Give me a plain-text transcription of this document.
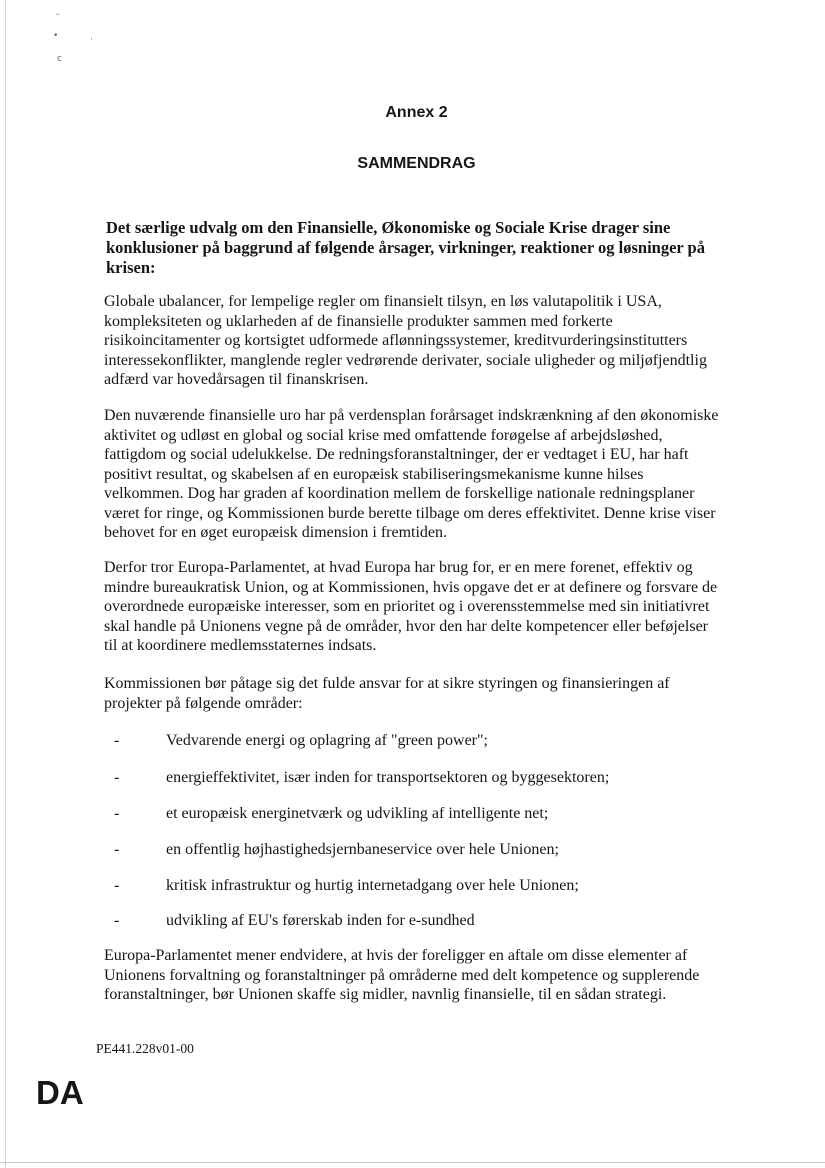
ᵕ
•	·
ⅽ
Annex 2
SAMMENDRAG

Det særlige udvalg om den Finansielle, Økonomiske og Sociale Krise drager sine konklusioner på baggrund af følgende årsager, virkninger, reaktioner og løsninger på krisen:

Globale ubalancer, for lempelige regler om finansielt tilsyn, en løs valutapolitik i USA, kompleksiteten og uklarheden af de finansielle produkter sammen med forkerte risikoincitamenter og kortsigtet udformede aflønningssystemer, kreditvurderingsinstitutters interessekonflikter, manglende regler vedrørende derivater, sociale uligheder og miljøfjendtlig adfærd var hovedårsagen til finanskrisen.

Den nuværende finansielle uro har på verdensplan forårsaget indskrænkning af den økonomiske aktivitet og udløst en global og social krise med omfattende forøgelse af arbejdsløshed, fattigdom og social udelukkelse. De redningsforanstaltninger, der er vedtaget i EU, har haft positivt resultat, og skabelsen af en europæisk stabiliseringsmekanisme kunne hilses velkommen. Dog har graden af koordination mellem de forskellige nationale redningsplaner været for ringe, og Kommissionen burde berette tilbage om deres effektivitet. Denne krise viser behovet for en øget europæisk dimension i fremtiden.

Derfor tror Europa-Parlamentet, at hvad Europa har brug for, er en mere forenet, effektiv og mindre bureaukratisk Union, og at Kommissionen, hvis opgave det er at definere og forsvare de overordnede europæiske interesser, som en prioritet og i overensstemmelse med sin initiativret skal handle på Unionens vegne på de områder, hvor den har delte kompetencer eller beføjelser til at koordinere medlemsstaternes indsats.

Kommissionen bør påtage sig det fulde ansvar for at sikre styringen og finansieringen af projekter på følgende områder:

-	Vedvarende energi og oplagring af "green power";
-	energieffektivitet, især inden for transportsektoren og byggesektoren;
-	et europæisk energinetværk og udvikling af intelligente net;
-	en offentlig højhastighedsjernbaneservice over hele Unionen;
-	kritisk infrastruktur og hurtig internetadgang over hele Unionen;
-	udvikling af EU's førerskab inden for e-sundhed

Europa-Parlamentet mener endvidere, at hvis der foreligger en aftale om disse elementer af Unionens forvaltning og foranstaltninger på områderne med delt kompetence og supplerende foranstaltninger, bør Unionen skaffe sig midler, navnlig finansielle, til en sådan strategi.

PE441.228v01-00
DA
